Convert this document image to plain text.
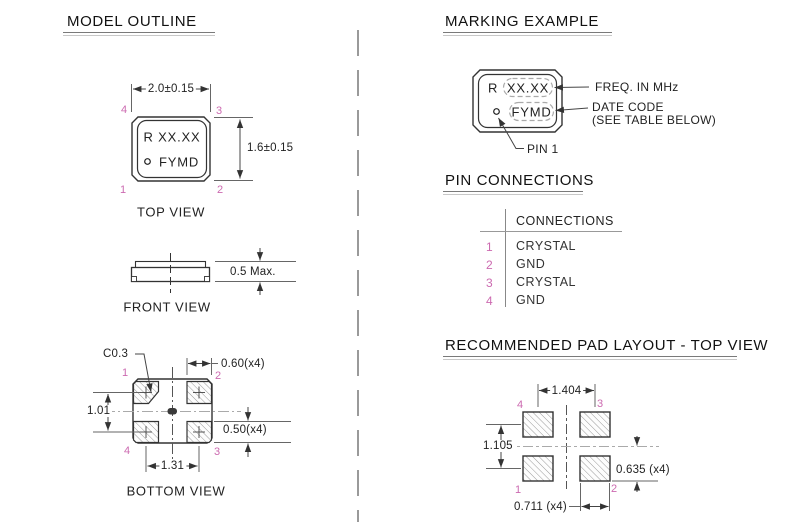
MODEL OUTLINE	MARKING EXAMPLE
PIN CONNECTIONS
RECOMMENDED PAD LAYOUT - TOP VIEW
2.0±0.15
1.6±0.15
R XX.XX
FYMD
4	3
1	2
TOP VIEW
0.5 Max.
FRONT VIEW
C0.3
0.60(x4)
1.01
0.50(x4)
1.31
1	2
4	3
BOTTOM VIEW
R XX.XX
FYMD
FREQ. IN MHz
DATE CODE
(SEE TABLE BELOW)
PIN 1
CONNECTIONS
1 CRYSTAL
2 GND
3 CRYSTAL
4 GND
1.404
1.105
0.635 (x4)
0.711 (x4)
4	3
1	2
